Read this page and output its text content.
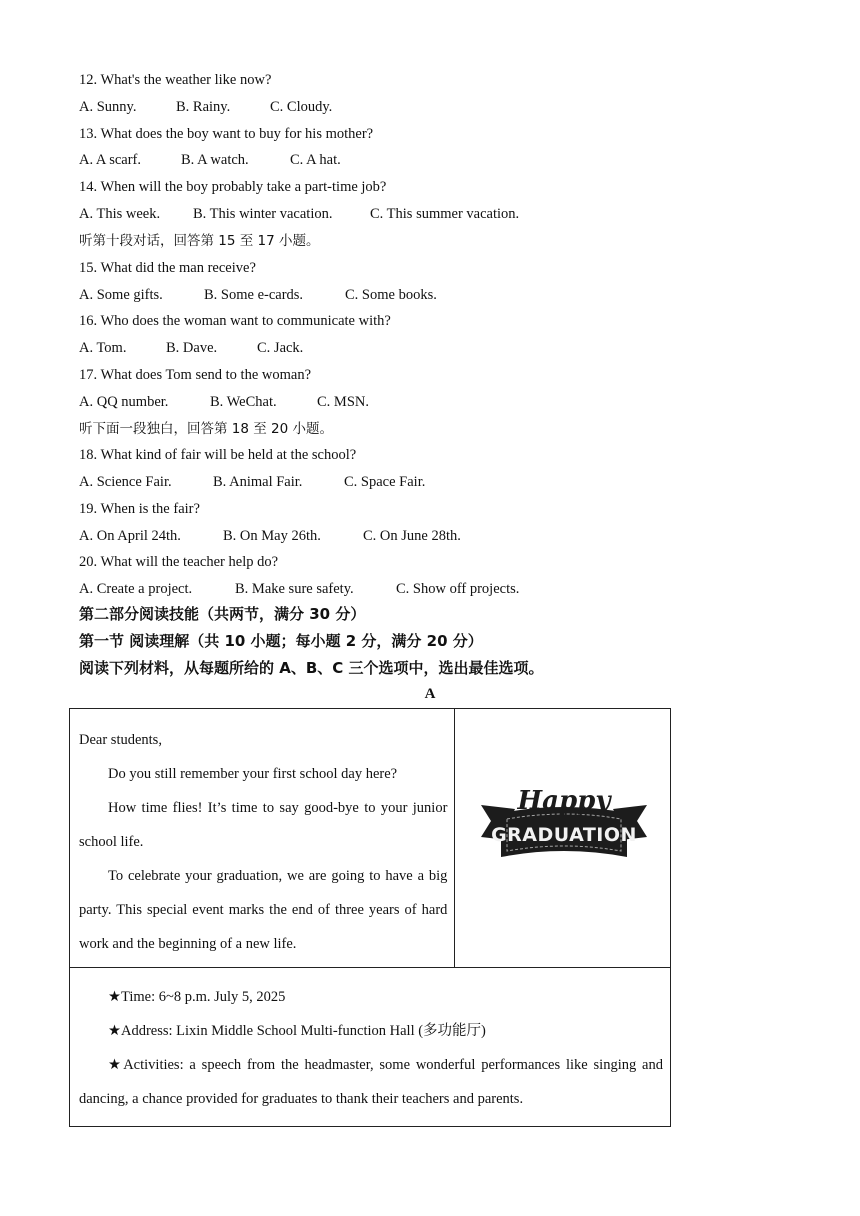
12. What's the weather like now?
A. Sunny.	B. Rainy.	C. Cloudy.
13. What does the boy want to buy for his mother?
A. A scarf.	B. A watch.	C. A hat.
14. When will the boy probably take a part-time job?
A. This week. B. This winter vacation.	C. This summer vacation.
听第十段对话，回答第 15 至 17 小题。
15. What did the man receive?
A. Some gifts.	B. Some e-cards.	C. Some books.
16. Who does the woman want to communicate with?
A. Tom.	B. Dave.	C. Jack.
17. What does Tom send to the woman?
A. QQ number.	B. WeChat.	C. MSN.
听下面一段独白，回答第 18 至 20 小题。
18. What kind of fair will be held at the school?
A. Science Fair.	B. Animal Fair.	C. Space Fair.
19. When is the fair?
A. On April 24th.	B. On May 26th.	C. On June 28th.
20. What will the teacher help do?
A. Create a project.	B. Make sure safety.	C. Show off projects.
第二部分阅读技能（共两节，满分 30 分）
第一节 阅读理解（共 10 小题；每小题 2 分，满分 20 分）
阅读下列材料，从每题所给的 A、B、C 三个选项中，选出最佳选项。
A

Dear students,

Do you still remember your first school day here?

How time flies! It’s time to say good-bye to your junior school life.

To celebrate your graduation, we are going to have a big party. This special event marks the end of three years of hard work and the beginning of a new life.

Happy
GRADUATION

★Time: 6~8 p.m. July 5, 2025

★Address: Lixin Middle School Multi-function Hall (多功能厅)

★Activities: a speech from the headmaster, some wonderful performances like singing and dancing, a chance provided for graduates to thank their teachers and parents.
